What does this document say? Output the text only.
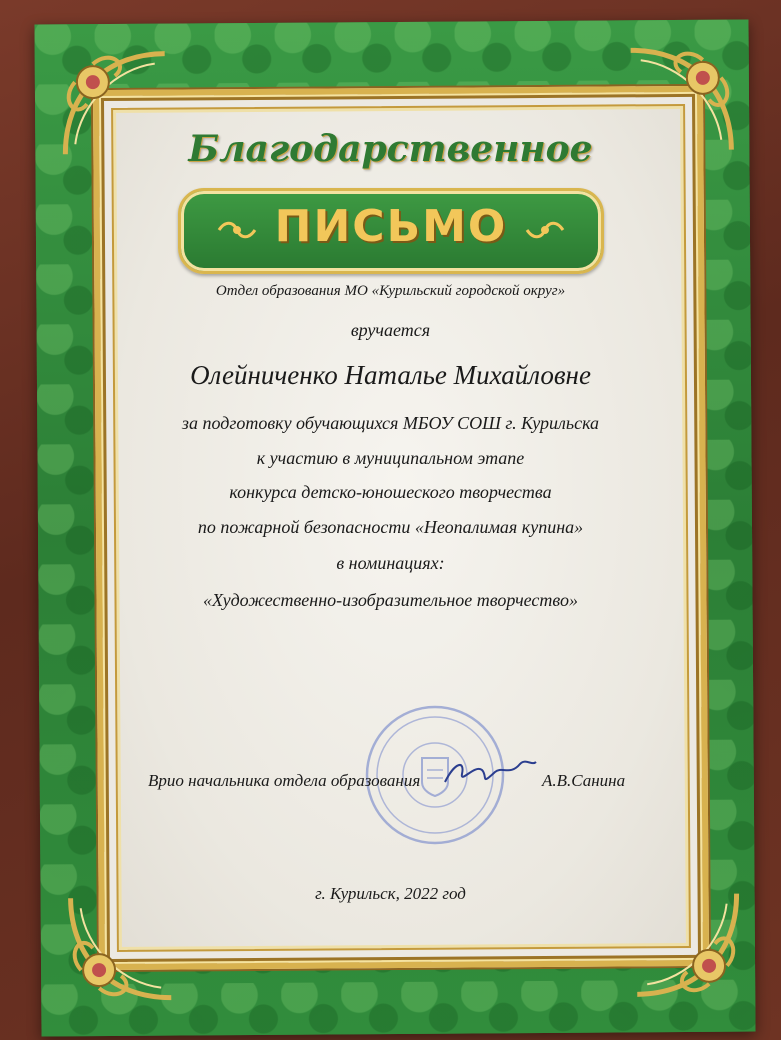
Благодарственное
ПИСЬМО
Отдел образования МО «Курильский городской округ»
вручается
Олейниченко Наталье Михайловне
за подготовку обучающихся МБОУ СОШ г. Курильска
к участию в муниципальном этапе
конкурса детско-юношеского творчества
по пожарной безопасности «Неопалимая купина»
в номинациях:
«Художественно-изобразительное творчество»
Врио начальника отдела образования	А.В.Санина
г. Курильск, 2022 год
